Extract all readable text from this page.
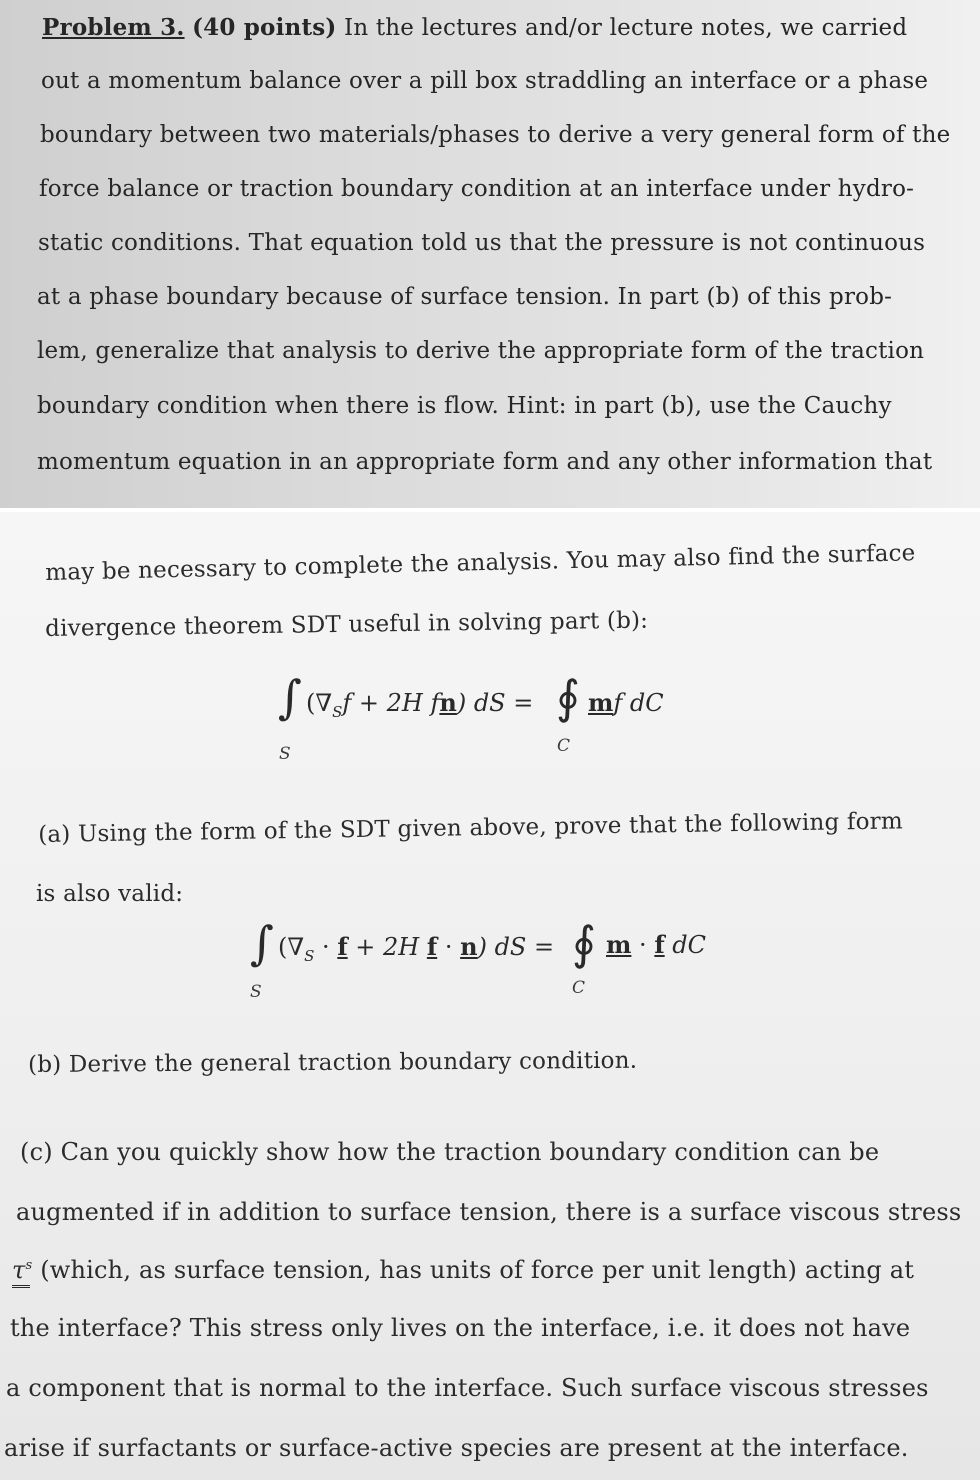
Problem 3. (40 points) In the lectures and/or lecture notes, we carried
out a momentum balance over a pill box straddling an interface or a phase
boundary between two materials/phases to derive a very general form of the
force balance or traction boundary condition at an interface under hydro-
static conditions. That equation told us that the pressure is not continuous
at a phase boundary because of surface tension. In part (b) of this prob-
lem, generalize that analysis to derive the appropriate form of the traction
boundary condition when there is flow. Hint: in part (b), use the Cauchy
momentum equation in an appropriate form and any other information that
may be necessary to complete the analysis. You may also find the surface
divergence theorem SDT useful in solving part (b):
∫ ($\nabla_Sf + 2H$ fn) dS = ∮ mf dC
S	C
(a) Using the form of the SDT given above, prove that the following form
is also valid:
∫ ($\nabla_S \cdot f + 2H$ f · n) dS = ∮ m · f dC
S	C
(b) Derive the general traction boundary condition.
(c) Can you quickly show how the traction boundary condition can be
augmented if in addition to surface tension, there is a surface viscous stress
$\tau^s$ (which, as surface tension, has units of force per unit length) acting at
the interface? This stress only lives on the interface, i.e. it does not have
a component that is normal to the interface. Such surface viscous stresses
arise if surfactants or surface-active species are present at the interface.
